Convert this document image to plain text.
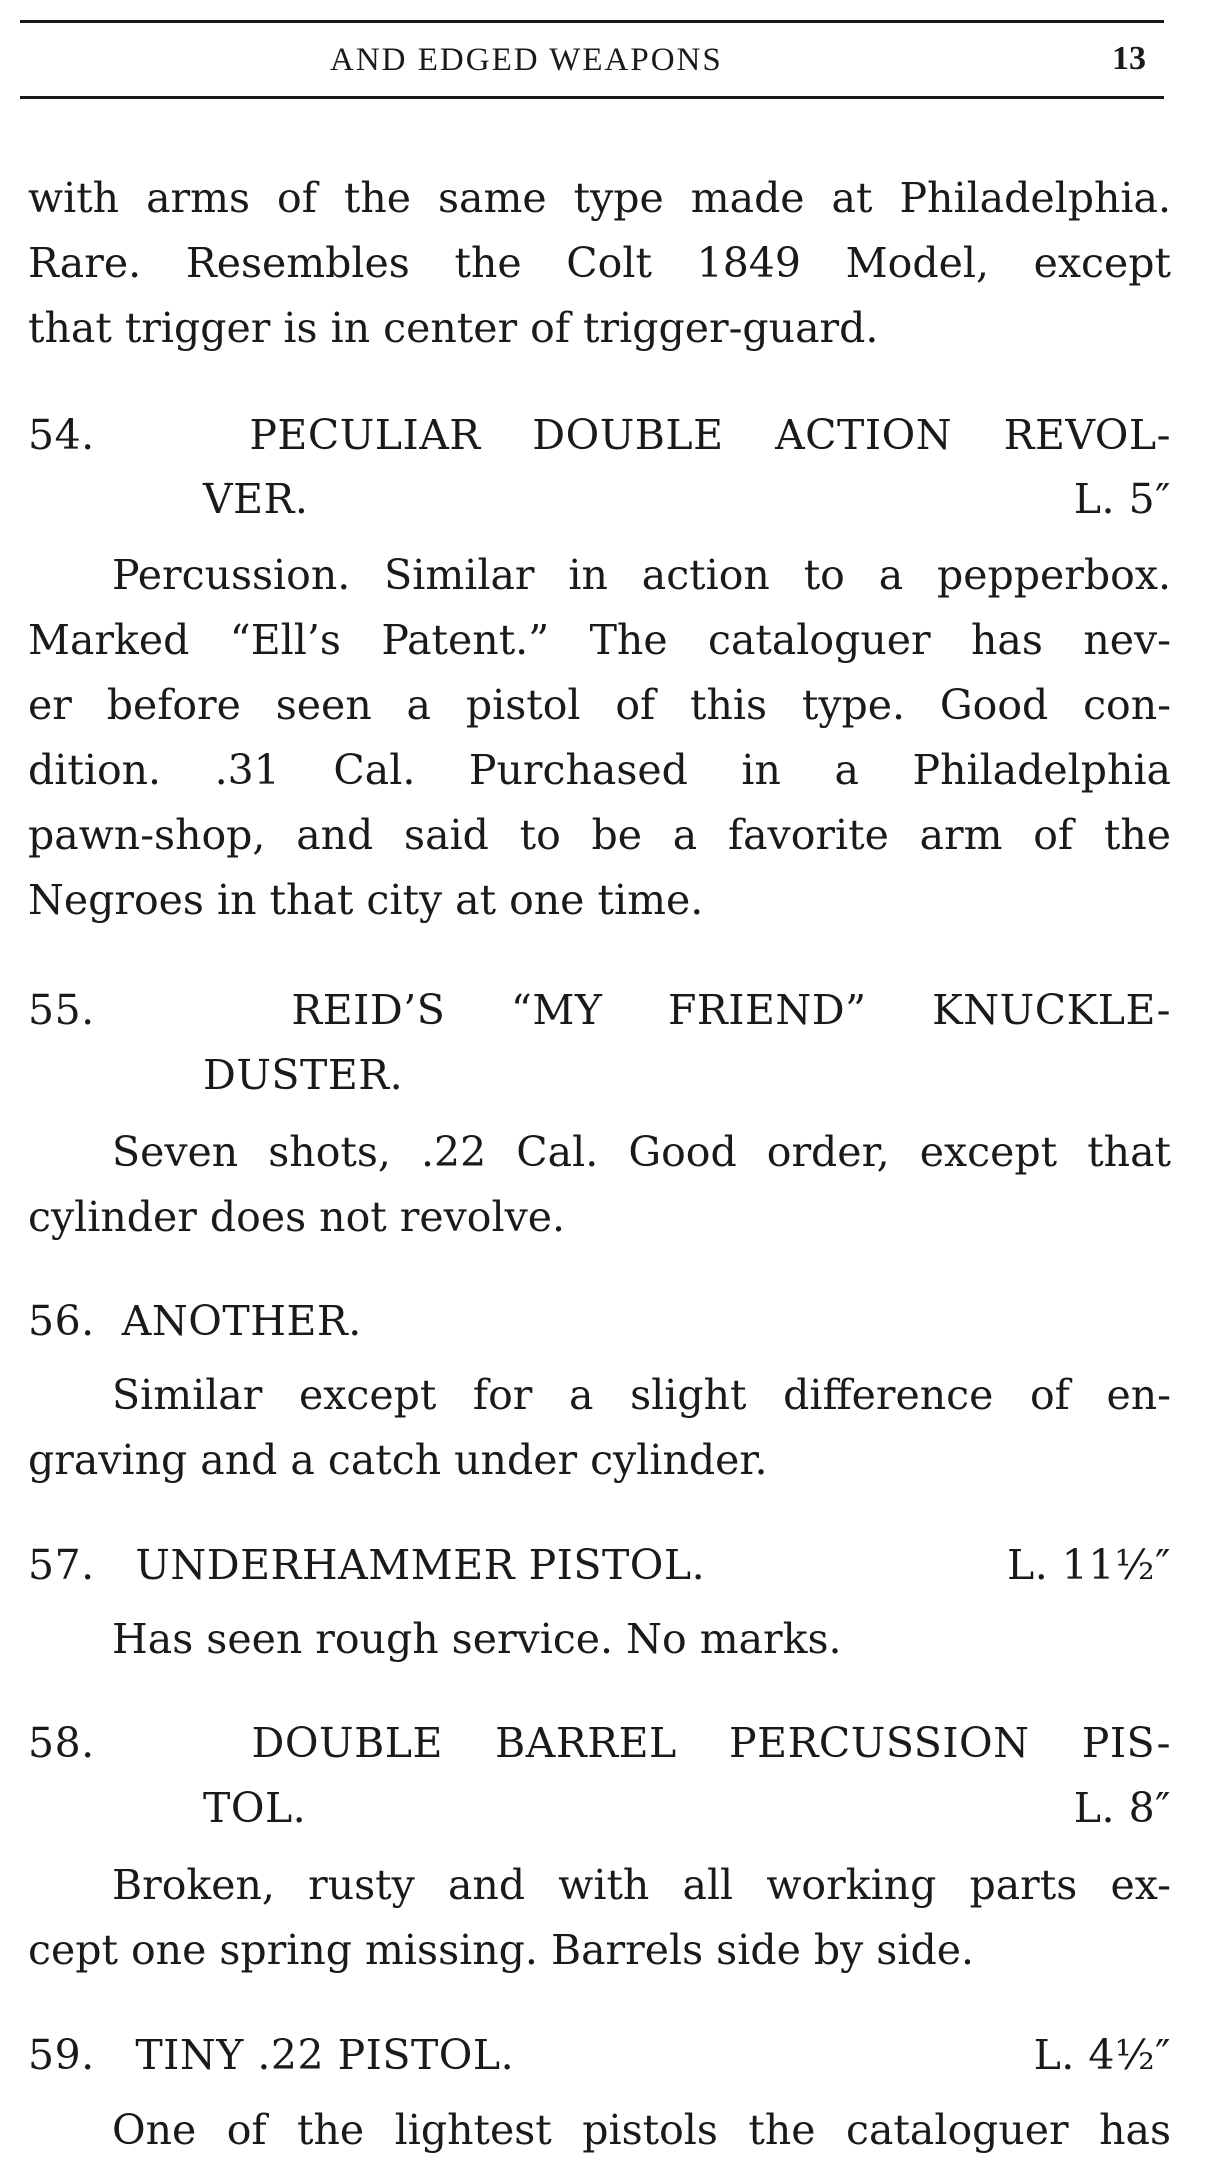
AND EDGED WEAPONS	13
with arms of the same type made at Philadelphia.
Rare. Resembles the Colt 1849 Model, except
that trigger is in center of trigger-guard.
54.	PECULIAR DOUBLE ACTION REVOL-
VER.	L. 5″
Percussion. Similar in action to a pepperbox.
Marked “Ell’s Patent.” The cataloguer has nev-
er before seen a pistol of this type. Good con-
dition. .31 Cal. Purchased in a Philadelphia
pawn-shop, and said to be a favorite arm of the
Negroes in that city at one time.
55.	REID’S “MY FRIEND” KNUCKLE-
DUSTER.
Seven shots, .22 Cal. Good order, except that
cylinder does not revolve.
56. ANOTHER.
Similar except for a slight difference of en-
graving and a catch under cylinder.
57. UNDERHAMMER PISTOL.	L. 11½″
Has seen rough service. No marks.
58.	DOUBLE BARREL PERCUSSION PIS-
TOL.	L. 8″
Broken, rusty and with all working parts ex-
cept one spring missing. Barrels side by side.
59. TINY .22 PISTOL.	L. 4½″
One of the lightest pistols the cataloguer has
